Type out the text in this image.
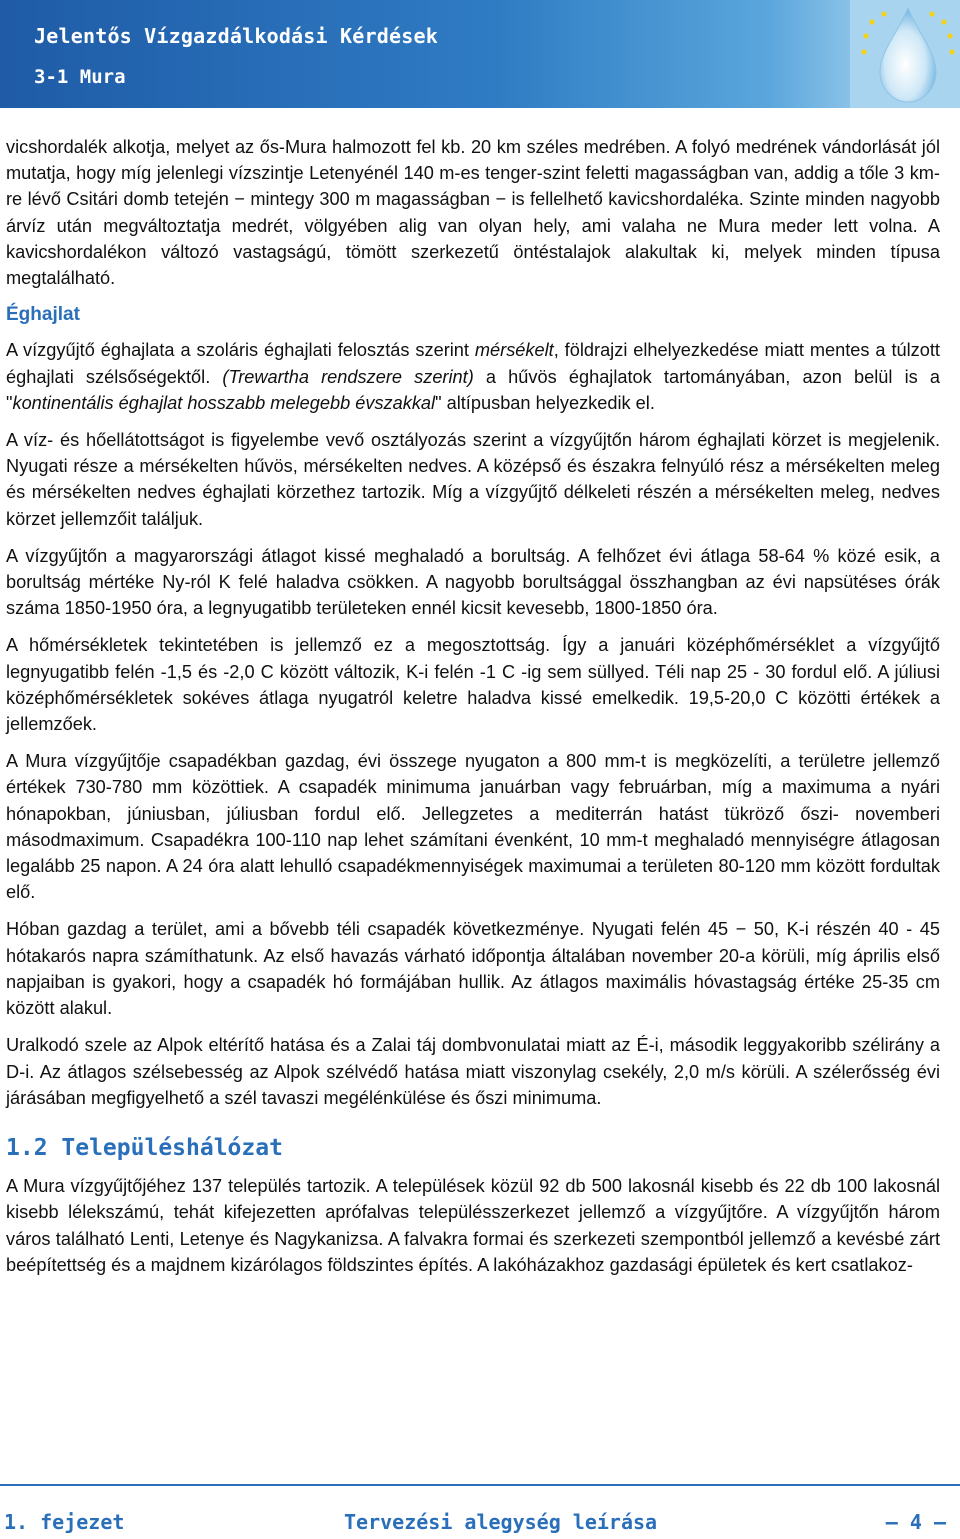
Jelentős Vízgazdálkodási Kérdések
3-1 Mura

vicshordalék alkotja, melyet az ős-Mura halmozott fel kb. 20 km széles medrében. A folyó medrének vándorlását jól mutatja, hogy míg jelenlegi vízszintje Letenyénél 140 m-es tenger-szint feletti magasságban van, addig a tőle 3 km-re lévő Csitári domb tetején − mintegy 300 m magasságban − is fellelhető kavicshordaléka. Szinte minden nagyobb árvíz után megváltoztatja medrét, völgyében alig van olyan hely, ami valaha ne Mura meder lett volna. A kavicshordalékon változó vastagságú, tömött szerkezetű öntéstalajok alakultak ki, melyek minden típusa megtalálható.

Éghajlat

A vízgyűjtő éghajlata a szoláris éghajlati felosztás szerint mérsékelt, földrajzi elhelyezkedése miatt mentes a túlzott éghajlati szélsőségektől. (Trewartha rendszere szerint) a hűvös éghajlatok tartományában, azon belül is a "kontinentális éghajlat hosszabb melegebb évszakkal" altípusban helyezkedik el.

A víz- és hőellátottságot is figyelembe vevő osztályozás szerint a vízgyűjtőn három éghajlati körzet is megjelenik. Nyugati része a mérsékelten hűvös, mérsékelten nedves. A középső és északra felnyúló rész a mérsékelten meleg és mérsékelten nedves éghajlati körzethez tartozik. Míg a vízgyűjtő délkeleti részén a mérsékelten meleg, nedves körzet jellemzőit találjuk.

A vízgyűjtőn a magyarországi átlagot kissé meghaladó a borultság. A felhőzet évi átlaga 58-64 % közé esik, a borultság mértéke Ny-ról K felé haladva csökken. A nagyobb borultsággal összhangban az évi napsütéses órák száma 1850-1950 óra, a legnyugatibb területeken ennél kicsit kevesebb, 1800-1850 óra.

A hőmérsékletek tekintetében is jellemző ez a megosztottság. Így a januári középhőmérséklet a vízgyűjtő legnyugatibb felén -1,5 és -2,0 C között változik, K-i felén -1 C -ig sem süllyed. Téli nap 25 - 30 fordul elő. A júliusi középhőmérsékletek sokéves átlaga nyugatról keletre haladva kissé emelkedik. 19,5-20,0 C közötti értékek a jellemzőek.

A Mura vízgyűjtője csapadékban gazdag, évi összege nyugaton a 800 mm-t is megközelíti, a területre jellemző értékek 730-780 mm közöttiek. A csapadék minimuma januárban vagy februárban, míg a maximuma a nyári hónapokban, júniusban, júliusban fordul elő. Jellegzetes a mediterrán hatást tükröző őszi- novemberi másodmaximum. Csapadékra 100-110 nap lehet számítani évenként, 10 mm-t meghaladó mennyiségre átlagosan legalább 25 napon. A 24 óra alatt lehulló csapadékmennyiségek maximumai a területen 80-120 mm között fordultak elő.

Hóban gazdag a terület, ami a bővebb téli csapadék következménye. Nyugati felén 45 − 50, K-i részén 40 - 45 hótakarós napra számíthatunk. Az első havazás várható időpontja általában november 20-a körüli, míg április első napjaiban is gyakori, hogy a csapadék hó formájában hullik. Az átlagos maximális hóvastagság értéke 25-35 cm között alakul.

Uralkodó szele az Alpok eltérítő hatása és a Zalai táj dombvonulatai miatt az É-i, második leggyakoribb szélirány a D-i. Az átlagos szélsebesség az Alpok szélvédő hatása miatt viszonylag csekély, 2,0 m/s körüli. A szélerősség évi járásában megfigyelhető a szél tavaszi megélénkülése és őszi minimuma.

1.2 Településhálózat

A Mura vízgyűjtőjéhez 137 település tartozik. A települések közül 92 db 500 lakosnál kisebb és 22 db 100 lakosnál kisebb lélekszámú, tehát kifejezetten aprófalvas településszerkezet jellemző a vízgyűjtőre. A vízgyűjtőn három város található Lenti, Letenye és Nagykanizsa. A falvakra formai és szerkezeti szempontból jellemző a kevésbé zárt beépítettség és a majdnem kizárólagos földszintes építés. A lakóházakhoz gazdasági épületek és kert csatlakoz-

1. fejezet	Tervezési alegység leírása	— 4 —
